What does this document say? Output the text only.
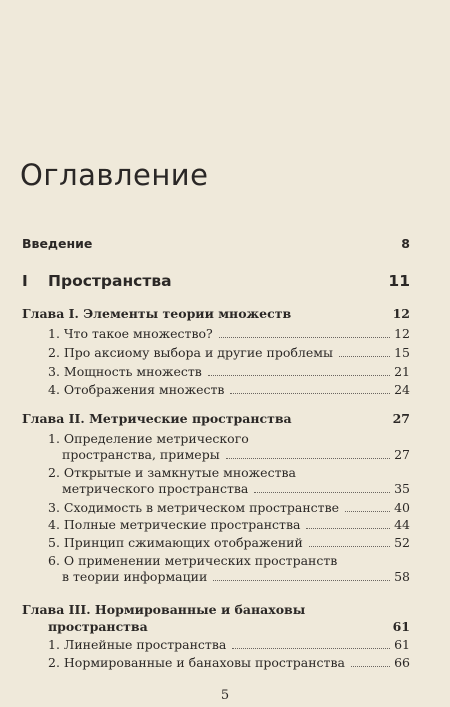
Оглавление
Введение	8
I	Пространства	11
Глава I. Элементы теории множеств	12
1. Что такое множество?	12
2. Про аксиому выбора и другие проблемы	15
3. Мощность множеств	21
4. Отображения множеств	24
Глава II. Метрические пространства	27
1. Определение метрического
пространства, примеры	27
2. Открытые и замкнутые множества
метрического пространства	35
3. Сходимость в метрическом пространстве	40
4. Полные метрические пространства	44
5. Принцип сжимающих отображений	52
6. О применении метрических пространств
в теории информации	58
Глава III. Нормированные и банаховы
пространства	61
1. Линейные пространства	61
2. Нормированные и банаховы пространства	66
5
